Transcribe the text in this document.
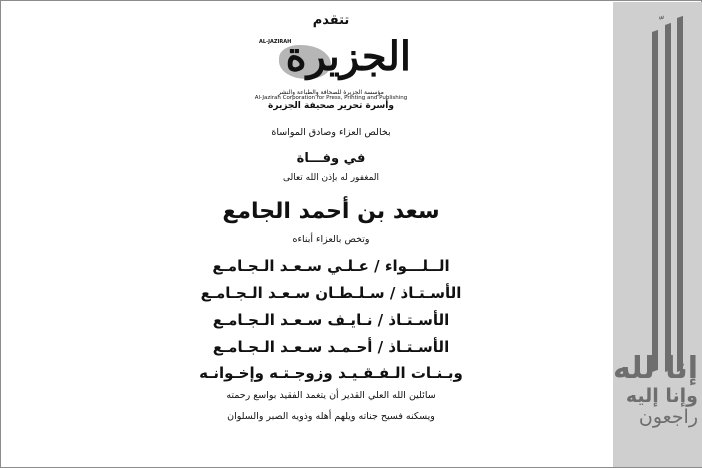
تتقدم
AL-JAZIRAH
الجزيرة
مؤسسة الجزيرة للصحافة والطباعة والنشر
Al-Jazirah Corporation for Press, Printing and Publishing
وأسرة تحرير صحيفة الجزيرة
بخالص العزاء وصادق المواساة
في وفـــاة
المغفور له بإذن الله تعالى
سعد بن أحمد الجامع
وتخص بالعزاء أبناءه
الــلـــواء / عـلـي سـعـد الـجـامـع
الأسـتـاذ / سـلـطـان سـعـد الـجـامـع
الأسـتـاذ / نـايـف سـعـد الـجـامـع
الأسـتـاذ / أحـمـد سـعـد الـجـامـع
وبـنـات الـفـقـيـد وزوجـتـه وإخـوانـه
سائلين الله العلي القدير أن يتغمد الفقيد بواسع رحمته
ويسكنه فسيح جناته ويلهم أهله وذويه الصبر والسلوان
إنا لله
وإنا إليه
راجعون
